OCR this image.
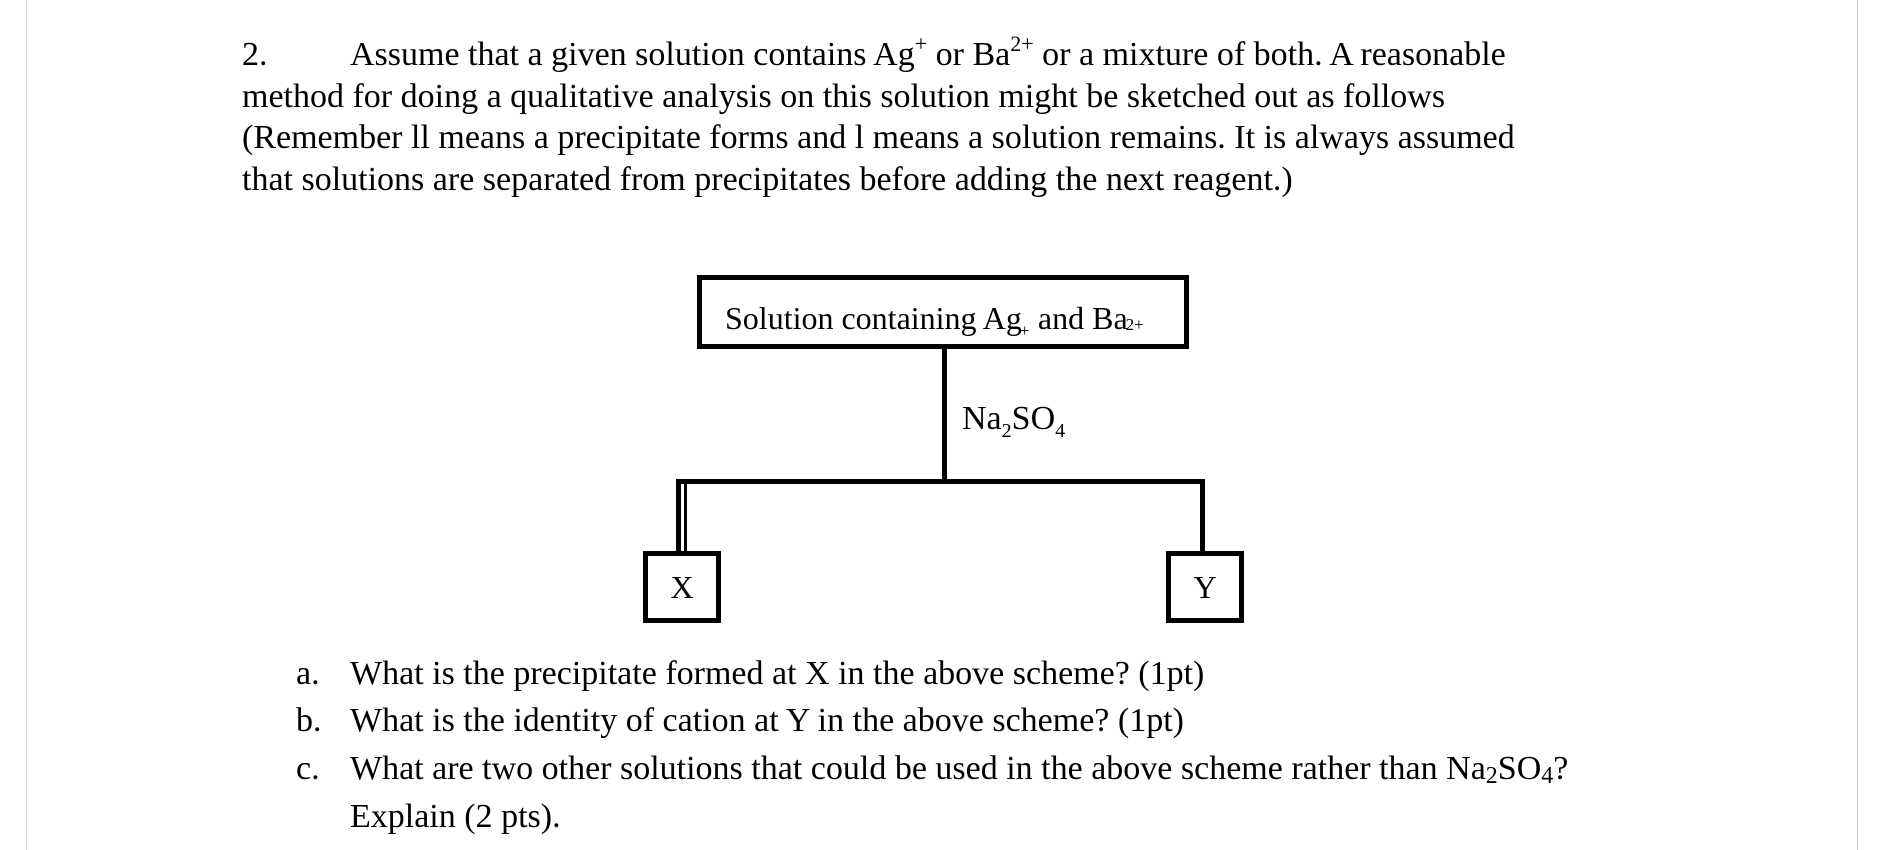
2. Assume that a given solution contains Ag+ or $Ba^{2+}$ or a mixture of both. A reasonable
method for doing a qualitative analysis on this solution might be sketched out as follows
(Remember ll means a precipitate forms and l means a solution remains. It is always assumed
that solutions are separated from precipitates before adding the next reagent.)
Solution containing Ag
+ and Ba
2+
$Na_2SO_4$
X	Y
a. What is the precipitate formed at X in the above scheme? (1pt)
b. What is the identity of cation at Y in the above scheme? (1pt)
c. What are two other solutions that could be used in the above scheme rather than $Na_2SO_4$?
Explain (2 pts).
